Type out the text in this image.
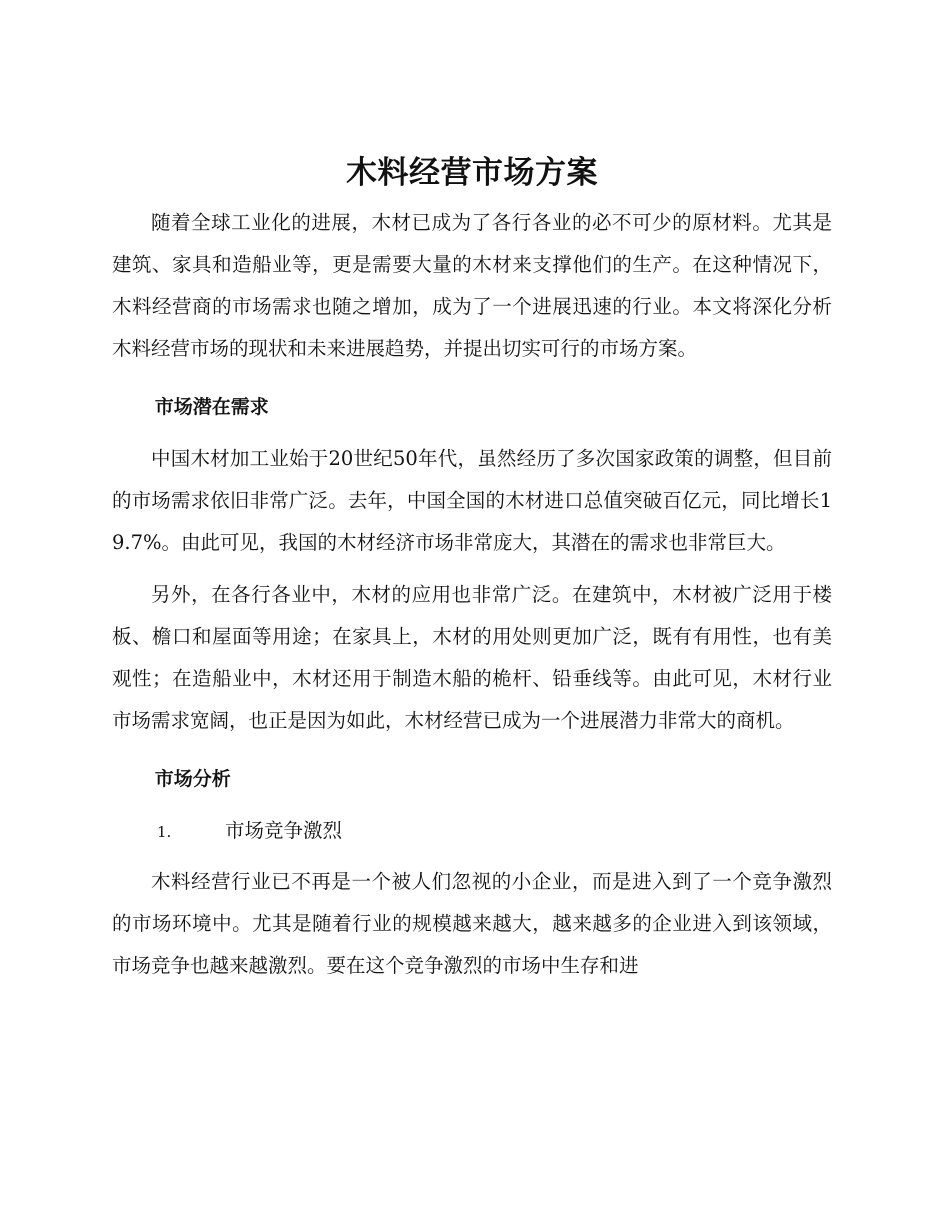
木料经营市场方案

随着全球工业化的进展，木材已成为了各行各业的必不可少的原材料。尤其是建筑、家具和造船业等，更是需要大量的木材来支撑他们的生产。在这种情况下，木料经营商的市场需求也随之增加，成为了一个进展迅速的行业。本文将深化分析木料经营市场的现状和未来进展趋势，并提出切实可行的市场方案。

市场潜在需求

中国木材加工业始于20世纪50年代，虽然经历了多次国家政策的调整，但目前的市场需求依旧非常广泛。去年，中国全国的木材进口总值突破百亿元，同比增长19.7%。由此可见，我国的木材经济市场非常庞大，其潜在的需求也非常巨大。

另外，在各行各业中，木材的应用也非常广泛。在建筑中，木材被广泛用于楼板、檐口和屋面等用途；在家具上，木材的用处则更加广泛，既有有用性，也有美观性；在造船业中，木材还用于制造木船的桅杆、铅垂线等。由此可见，木材行业市场需求宽阔，也正是因为如此，木材经营已成为一个进展潜力非常大的商机。

市场分析
1.	市场竞争激烈

木料经营行业已不再是一个被人们忽视的小企业，而是进入到了一个竞争激烈的市场环境中。尤其是随着行业的规模越来越大，越来越多的企业进入到该领域，市场竞争也越来越激烈。要在这个竞争激烈的市场中生存和进
